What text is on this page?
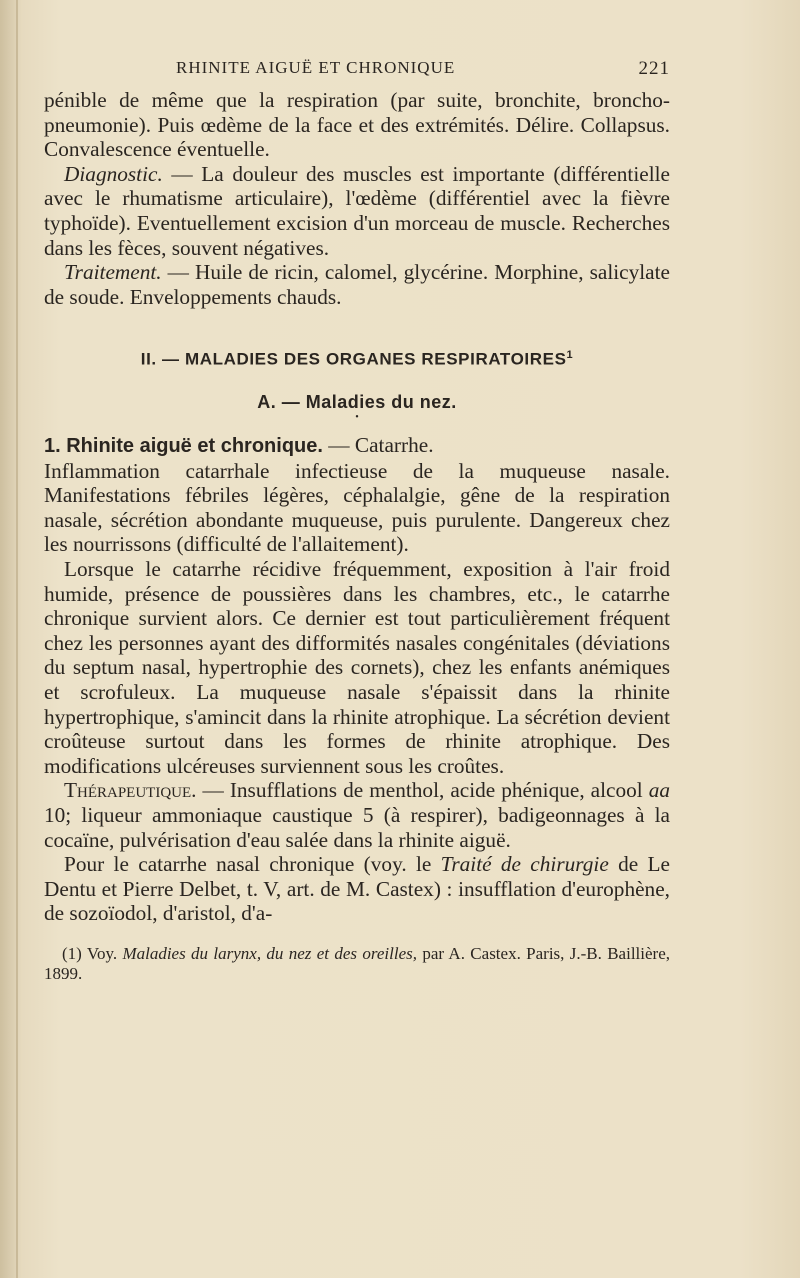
RHINITE AIGUË ET CHRONIQUE	221

pénible de même que la respiration (par suite, bronchite, broncho-pneumonie). Puis œdème de la face et des extrémités. Délire. Collapsus. Convalescence éventuelle.

Diagnostic. — La douleur des muscles est importante (différentielle avec le rhumatisme articulaire), l'œdème (différentiel avec la fièvre typhoïde). Eventuellement excision d'un morceau de muscle. Recherches dans les fèces, souvent négatives.

Traitement. — Huile de ricin, calomel, glycérine. Morphine, salicylate de soude. Enveloppements chauds.

II. — MALADIES DES ORGANES RESPIRATOIRES$^1$
A. — Maladies du nez.
•
1. Rhinite aiguë et chronique. — Catarrhe.

Inflammation catarrhale infectieuse de la muqueuse nasale. Manifestations fébriles légères, céphalalgie, gêne de la respiration nasale, sécrétion abondante muqueuse, puis purulente. Dangereux chez les nourrissons (difficulté de l'allaitement).

Lorsque le catarrhe récidive fréquemment, exposition à l'air froid humide, présence de poussières dans les chambres, etc., le catarrhe chronique survient alors. Ce dernier est tout particulièrement fréquent chez les personnes ayant des difformités nasales congénitales (déviations du septum nasal, hypertrophie des cornets), chez les enfants anémiques et scrofuleux. La muqueuse nasale s'épaissit dans la rhinite hypertrophique, s'amincit dans la rhinite atrophique. La sécrétion devient croûteuse surtout dans les formes de rhinite atrophique. Des modifications ulcéreuses surviennent sous les croûtes.

Thérapeutique. — Insufflations de menthol, acide phénique, alcool aa 10; liqueur ammoniaque caustique 5 (à respirer), badigeonnages à la cocaïne, pulvérisation d'eau salée dans la rhinite aiguë.

Pour le catarrhe nasal chronique (voy. le Traité de chirurgie de Le Dentu et Pierre Delbet, t. V, art. de M. Castex) : insufflation d'europhène, de sozoïodol, d'aristol, d'a-

(1) Voy. Maladies du larynx, du nez et des oreilles, par A. Castex. Paris, J.-B. Baillière, 1899.
